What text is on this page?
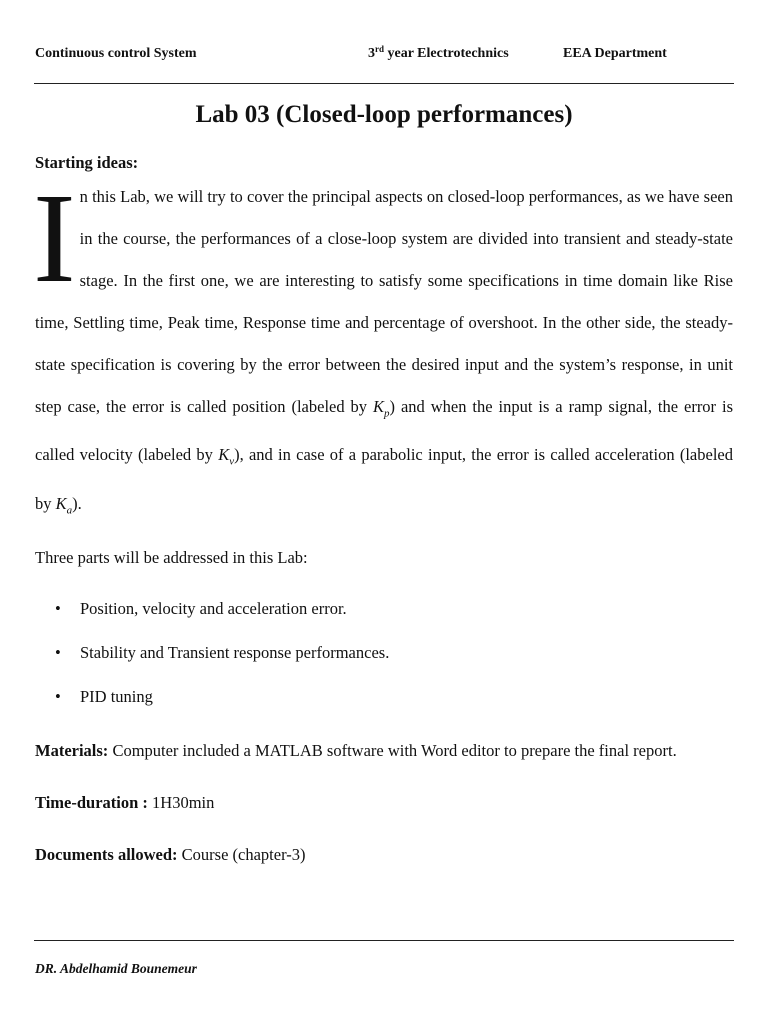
Continuous control System	3rd year Electrotechnics	EEA Department
Lab 03 (Closed-loop performances)
Starting ideas:

In this Lab, we will try to cover the principal aspects on closed-loop performances, as we have seen in the course, the performances of a close-loop system are divided into transient and steady-state stage. In the first one, we are interesting to satisfy some specifications in time domain like Rise time, Settling time, Peak time, Response time and percentage of overshoot. In the other side, the steady-state specification is covering by the error between the desired input and the system’s response, in unit step case, the error is called position (labeled by $K_p$) and when the input is a ramp signal, the error is called velocity (labeled by $K_v$), and in case of a parabolic input, the error is called acceleration (labeled by $K_a$).

Three parts will be addressed in this Lab:

• Position, velocity and acceleration error.
• Stability and Transient response performances.
• PID tuning
Materials: Computer included a MATLAB software with Word editor to prepare the final report.
Time-duration : 1H30min
Documents allowed: Course (chapter-3)
DR. Abdelhamid Bounemeur
